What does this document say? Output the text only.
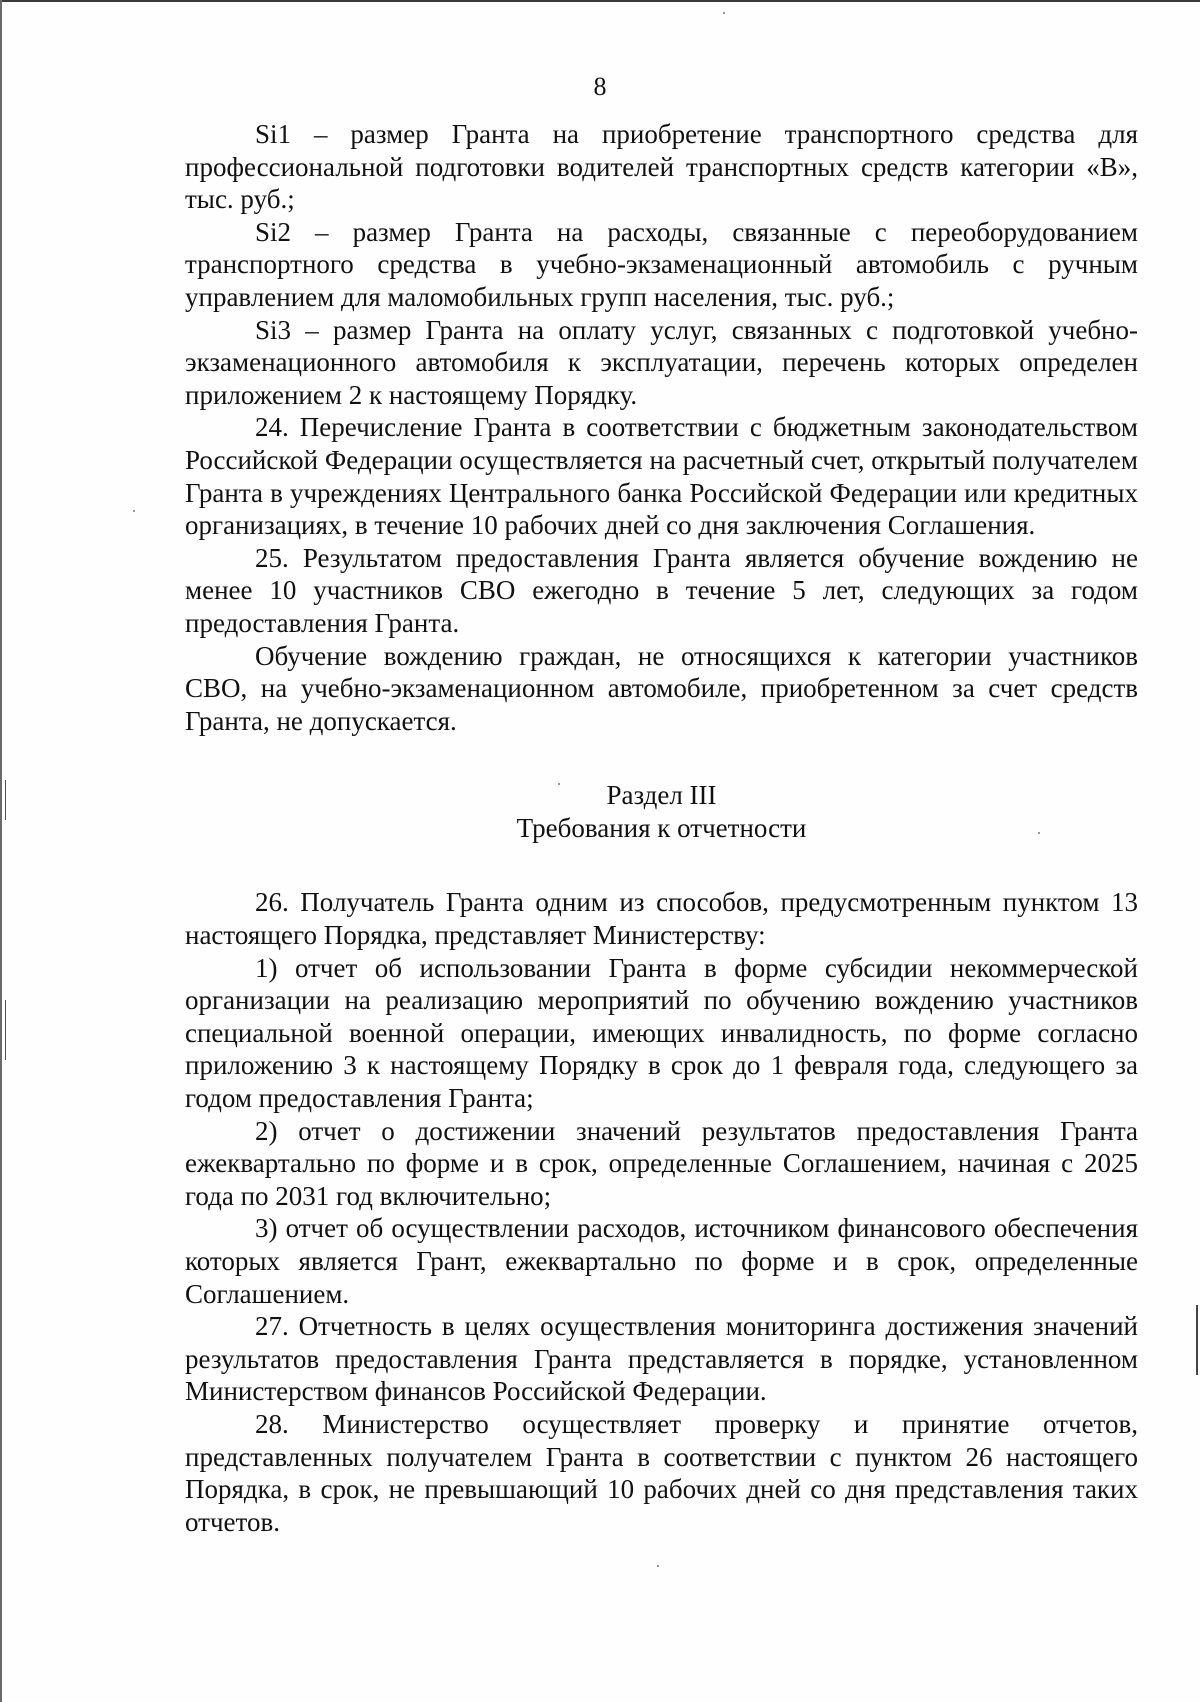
8

Si1 – размер Гранта на приобретение транспортного средства для профессиональной подготовки водителей транспортных средств категории «В», тыс. руб.;

Si2 – размер Гранта на расходы, связанные с переоборудованием транспортного средства в учебно-экзаменационный автомобиль с ручным управлением для маломобильных групп населения, тыс. руб.;

Si3 – размер Гранта на оплату услуг, связанных с подготовкой учебно-экзаменационного автомобиля к эксплуатации, перечень которых определен приложением 2 к настоящему Порядку.

24. Перечисление Гранта в соответствии с бюджетным законодательством Российской Федерации осуществляется на расчетный счет, открытый получателем Гранта в учреждениях Центрального банка Российской Федерации или кредитных организациях, в течение 10 рабочих дней со дня заключения Соглашения.

25. Результатом предоставления Гранта является обучение вождению не менее 10 участников СВО ежегодно в течение 5 лет, следующих за годом предоставления Гранта.

Обучение вождению граждан, не относящихся к категории участников СВО, на учебно-экзаменационном автомобиле, приобретенном за счет средств Гранта, не допускается.

Раздел III
Требования к отчетности

26. Получатель Гранта одним из способов, предусмотренным пунктом 13 настоящего Порядка, представляет Министерству:

1) отчет об использовании Гранта в форме субсидии некоммерческой организации на реализацию мероприятий по обучению вождению участников специальной военной операции, имеющих инвалидность, по форме согласно приложению 3 к настоящему Порядку в срок до 1 февраля года, следующего за годом предоставления Гранта;

2) отчет о достижении значений результатов предоставления Гранта ежеквартально по форме и в срок, определенные Соглашением, начиная с 2025 года по 2031 год включительно;

3) отчет об осуществлении расходов, источником финансового обеспечения которых является Грант, ежеквартально по форме и в срок, определенные Соглашением.

27. Отчетность в целях осуществления мониторинга достижения значений результатов предоставления Гранта представляется в порядке, установленном Министерством финансов Российской Федерации.

28. Министерство осуществляет проверку и принятие отчетов, представленных получателем Гранта в соответствии с пунктом 26 настоящего Порядка, в срок, не превышающий 10 рабочих дней со дня представления таких отчетов.
